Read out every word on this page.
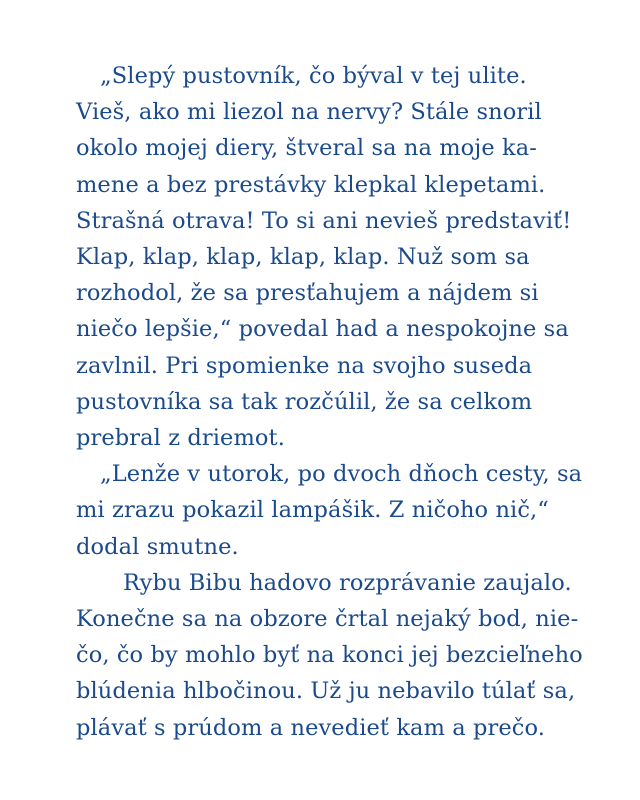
„Slepý pustovník, čo býval v tej ulite.
Vieš, ako mi liezol na nervy? Stále snoril
okolo mojej diery, štveral sa na moje ka-
mene a bez prestávky klepkal klepetami.
Strašná otrava! To si ani nevieš predstaviť!
Klap, klap, klap, klap, klap. Nuž som sa
rozhodol, že sa presťahujem a nájdem si
niečo lepšie,“ povedal had a nespokojne sa
zavlnil. Pri spomienke na svojho suseda
pustovníka sa tak rozčúlil, že sa celkom
prebral z driemot.
„Lenže v utorok, po dvoch dňoch cesty, sa
mi zrazu pokazil lampášik. Z ničoho nič,“
dodal smutne.
Rybu Bibu hadovo rozprávanie zaujalo.
Konečne sa na obzore črtal nejaký bod, nie-
čo, čo by mohlo byť na konci jej bezcieľneho
blúdenia hlbočinou. Už ju nebavilo túlať sa,
plávať s prúdom a nevedieť kam a prečo.
